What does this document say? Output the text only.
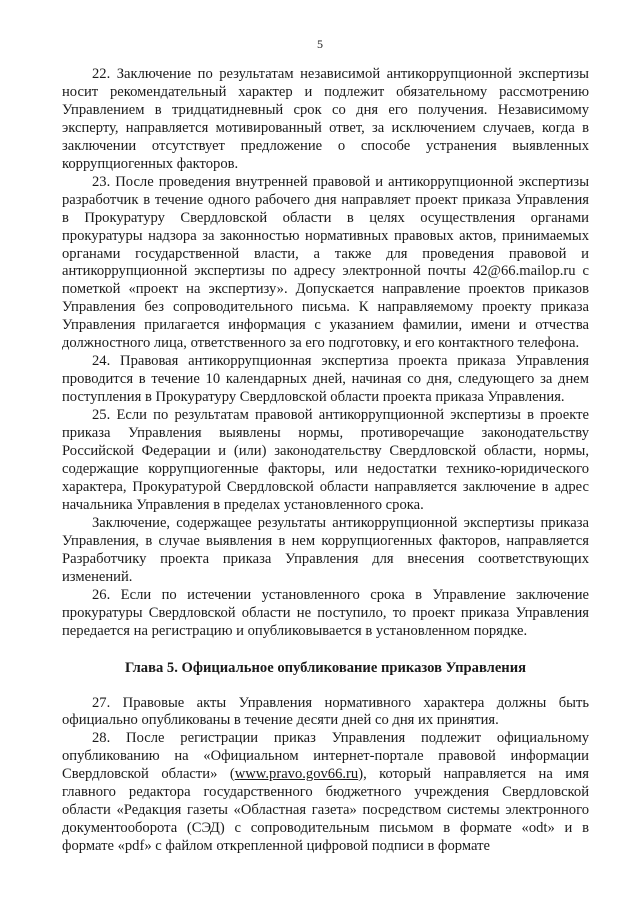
5

22. Заключение по результатам независимой антикоррупционной экспертизы носит рекомендательный характер и подлежит обязательному рассмотрению Управлением в тридцатидневный срок со дня его получения. Независимому эксперту, направляется мотивированный ответ, за исключением случаев, когда в заключении отсутствует предложение о способе устранения выявленных коррупциогенных факторов.

23. После проведения внутренней правовой и антикоррупционной экспертизы разработчик в течение одного рабочего дня направляет проект приказа Управления в Прокуратуру Свердловской области в целях осуществления органами прокуратуры надзора за законностью нормативных правовых актов, принимаемых органами государственной власти, а также для проведения правовой и антикоррупционной экспертизы по адресу электронной почты 42@66.mailop.ru с пометкой «проект на экспертизу». Допускается направление проектов приказов Управления без сопроводительного письма. К направляемому проекту приказа Управления прилагается информация с указанием фамилии, имени и отчества должностного лица, ответственного за его подготовку, и его контактного телефона.

24. Правовая антикоррупционная экспертиза проекта приказа Управления проводится в течение 10 календарных дней, начиная со дня, следующего за днем поступления в Прокуратуру Свердловской области проекта приказа Управления.

25. Если по результатам правовой антикоррупционной экспертизы в проекте приказа Управления выявлены нормы, противоречащие законодательству Российской Федерации и (или) законодательству Свердловской области, нормы, содержащие коррупциогенные факторы, или недостатки технико-юридического характера, Прокуратурой Свердловской области направляется заключение в адрес начальника Управления в пределах установленного срока.

Заключение, содержащее результаты антикоррупционной экспертизы приказа Управления, в случае выявления в нем коррупциогенных факторов, направляется Разработчику проекта приказа Управления для внесения соответствующих изменений.

26. Если по истечении установленного срока в Управление заключение прокуратуры Свердловской области не поступило, то проект приказа Управления передается на регистрацию и опубликовывается в установленном порядке.

Глава 5. Официальное опубликование приказов Управления

27. Правовые акты Управления нормативного характера должны быть официально опубликованы в течение десяти дней со дня их принятия.

28. После регистрации приказ Управления подлежит официальному опубликованию на «Официальном интернет-портале правовой информации Свердловской области» (www.pravo.gov66.ru), который направляется на имя главного редактора государственного бюджетного учреждения Свердловской области «Редакция газеты «Областная газета» посредством системы электронного документооборота (СЭД) с сопроводительным письмом в формате «odt» и в формате «pdf» с файлом открепленной цифровой подписи в формате
